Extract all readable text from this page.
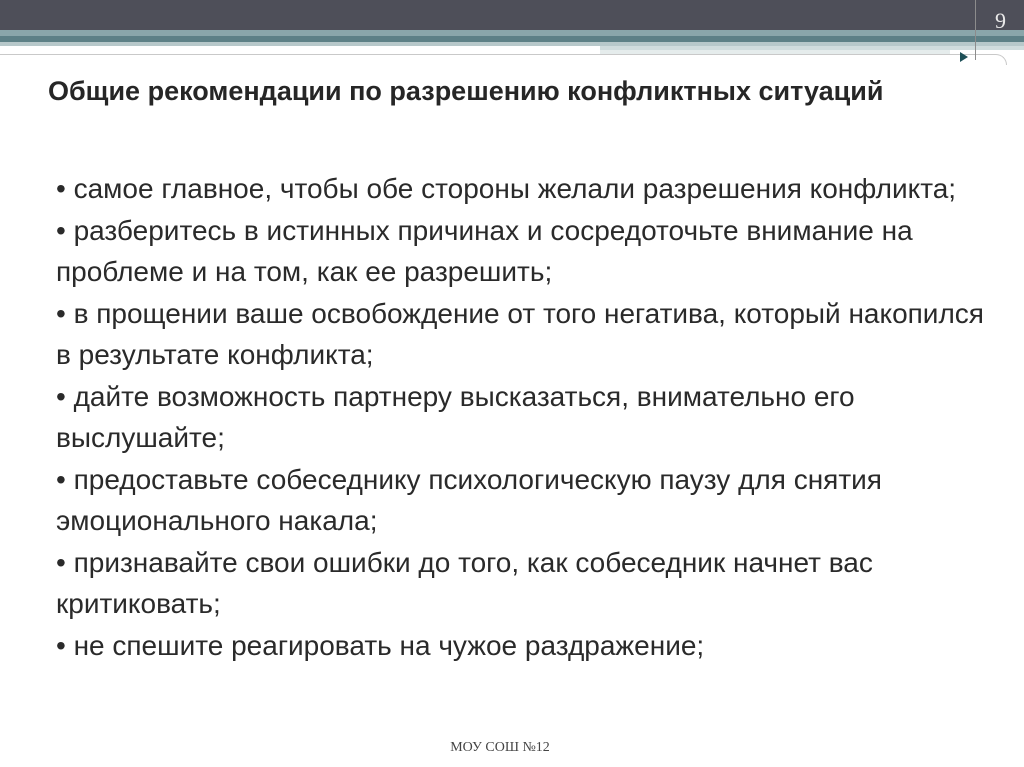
9
Общие рекомендации по разрешению конфликтных ситуаций
• самое главное, чтобы обе стороны желали разрешения конфликта;
• разберитесь в истинных причинах и сосредоточьте внимание на проблеме и на том, как ее разрешить;
• в прощении ваше освобождение от того негатива, который накопился в результате конфликта;
• дайте возможность партнеру высказаться, внимательно его выслушайте;
• предоставьте собеседнику психологическую паузу для снятия эмоционального накала;
• признавайте свои ошибки до того, как собеседник начнет вас критиковать;
• не спешите реагировать на чужое раздражение;
МОУ СОШ №12
